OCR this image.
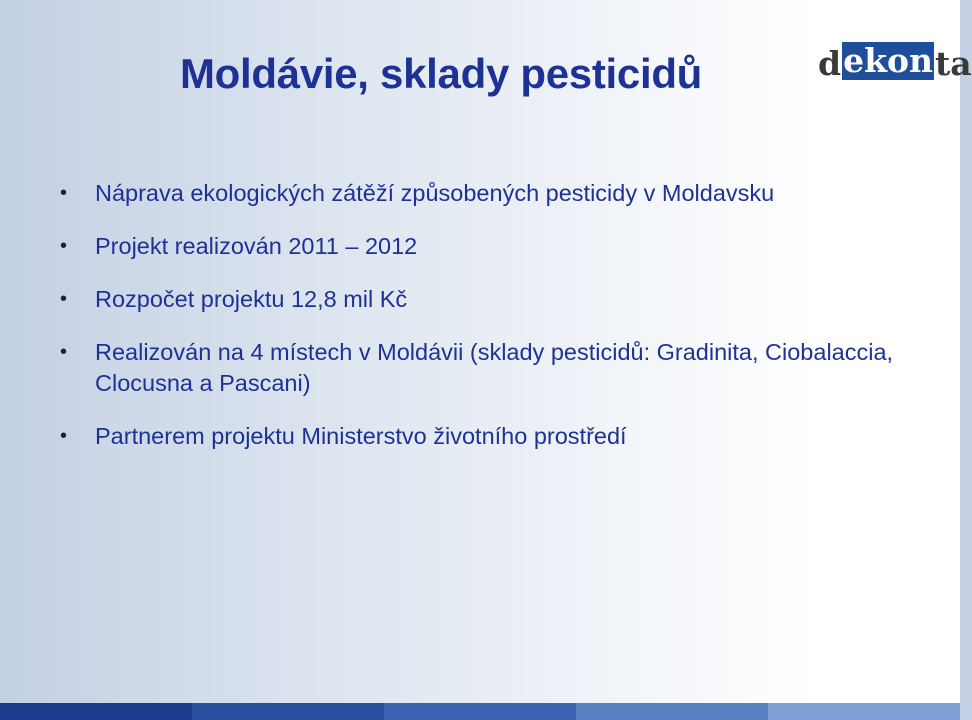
Moldávie, sklady pesticidů	d ekon ta
• Náprava ekologických zátěží způsobených pesticidy v Moldavsku
• Projekt realizován 2011 – 2012
• Rozpočet projektu 12,8 mil Kč
• Realizován na 4 místech v Moldávii (sklady pesticidů: Gradinita, Ciobalaccia, Clocusna a Pascani)
• Partnerem projektu Ministerstvo životního prostředí
